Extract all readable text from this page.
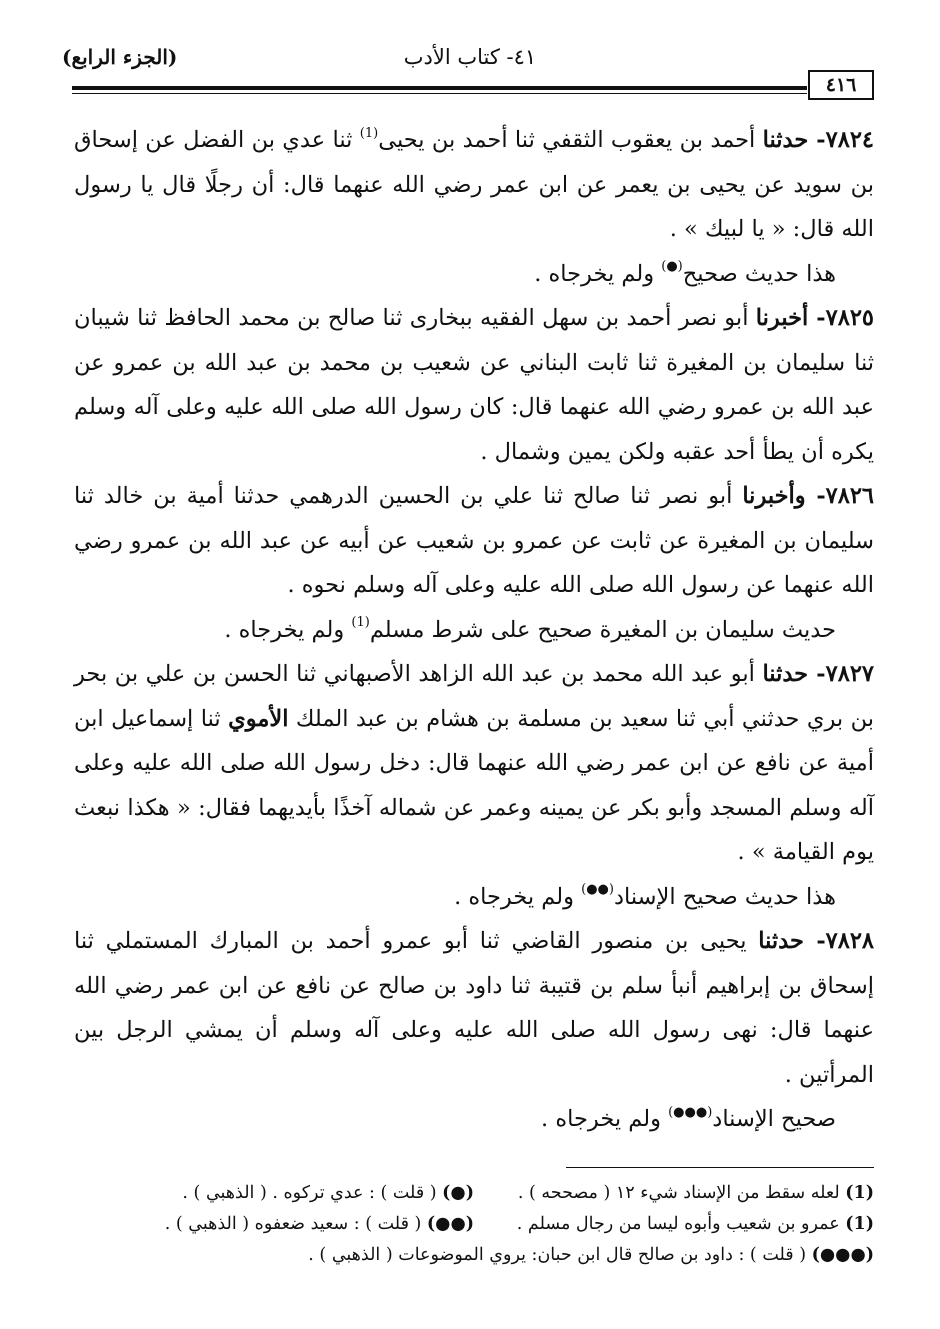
٤١- كتاب الأدب
(الجزء الرابع)
٤١٦

٧٨٢٤- حدثنا أحمد بن يعقوب الثقفي ثنا أحمد بن يحيى$^{(1)}$ ثنا عدي بن الفضل عن إسحاق بن سويد عن يحيى بن يعمر عن ابن عمر رضي الله عنهما قال: أن رجلًا قال يا رسول الله قال: « يا لبيك » .

هذا حديث صحيح(●) ولم يخرجاه .

٧٨٢٥- أخبرنا أبو نصر أحمد بن سهل الفقيه ببخارى ثنا صالح بن محمد الحافظ ثنا شيبان ثنا سليمان بن المغيرة ثنا ثابت البناني عن شعيب بن محمد بن عبد الله بن عمرو عن عبد الله بن عمرو رضي الله عنهما قال: كان رسول الله صلى الله عليه وعلى آله وسلم يكره أن يطأ أحد عقبه ولكن يمين وشمال .

٧٨٢٦- وأخبرنا أبو نصر ثنا صالح ثنا علي بن الحسين الدرهمي حدثنا أمية بن خالد ثنا سليمان بن المغيرة عن ثابت عن عمرو بن شعيب عن أبيه عن عبد الله بن عمرو رضي الله عنهما عن رسول الله صلى الله عليه وعلى آله وسلم نحوه .

حديث سليمان بن المغيرة صحيح على شرط مسلم$^{(1)}$ ولم يخرجاه .

٧٨٢٧- حدثنا أبو عبد الله محمد بن عبد الله الزاهد الأصبهاني ثنا الحسن بن علي بن بحر بن بري حدثني أبي ثنا سعيد بن مسلمة بن هشام بن عبد الملك الأموي ثنا إسماعيل ابن أمية عن نافع عن ابن عمر رضي الله عنهما قال: دخل رسول الله صلى الله عليه وعلى آله وسلم المسجد وأبو بكر عن يمينه وعمر عن شماله آخذًا بأيديهما فقال: « هكذا نبعث يوم القيامة » .

هذا حديث صحيح الإسناد(●●) ولم يخرجاه .

٧٨٢٨- حدثنا يحيى بن منصور القاضي ثنا أبو عمرو أحمد بن المبارك المستملي ثنا إسحاق بن إبراهيم أنبأ سلم بن قتيبة ثنا داود بن صالح عن نافع عن ابن عمر رضي الله عنهما قال: نهى رسول الله صلى الله عليه وعلى آله وسلم أن يمشي الرجل بين المرأتين .

صحيح الإسناد(●●●) ولم يخرجاه .

(1) لعله سقط من الإسناد شيء ١٢ ( مصححه ) .
(●) ( قلت ) : عدي تركوه . ( الذهبي ) .
(1) عمرو بن شعيب وأبوه ليسا من رجال مسلم .
(●●) ( قلت ) : سعيد ضعفوه ( الذهبي ) .
(●●●) ( قلت ) : داود بن صالح قال ابن حبان: يروي الموضوعات ( الذهبي ) .
